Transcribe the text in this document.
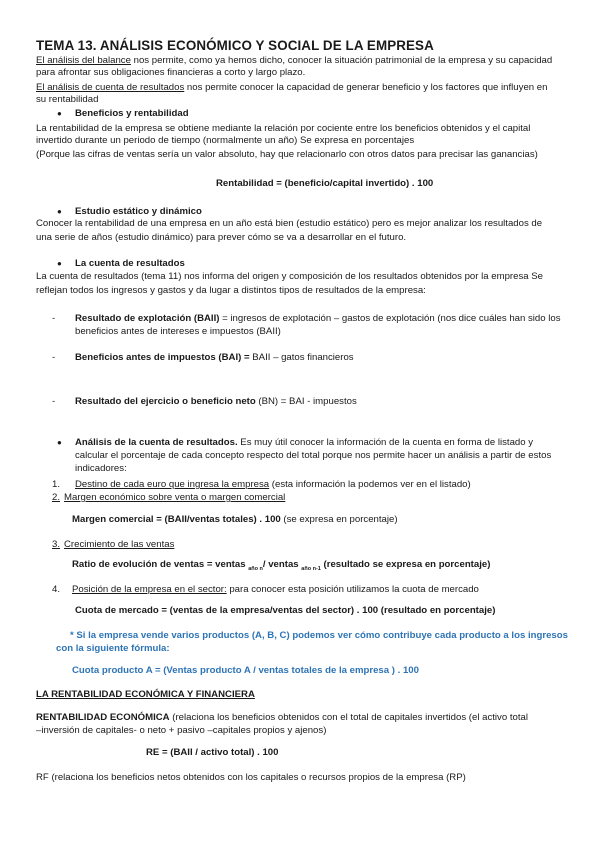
TEMA 13. ANÁLISIS ECONÓMICO Y SOCIAL DE LA EMPRESA
El análisis del balance nos permite, como ya hemos dicho, conocer la situación patrimonial de la empresa y su capacidad
para afrontar sus obligaciones financieras a corto y largo plazo.
El análisis de cuenta de resultados nos permite conocer la capacidad de generar beneficio y los factores que influyen en
su rentabilidad
● Beneficios y rentabilidad
La rentabilidad de la empresa se obtiene mediante la relación por cociente entre los beneficios obtenidos y el capital
invertido durante un periodo de tiempo (normalmente un año) Se expresa en porcentajes
(Porque las cifras de ventas sería un valor absoluto, hay que relacionarlo con otros datos para precisar las ganancias)
Rentabilidad = (beneficio/capital invertido) . 100
● Estudio estático y dinámico
Conocer la rentabilidad de una empresa en un año está bien (estudio estático) pero es mejor analizar los resultados de
una serie de años (estudio dinámico) para prever cómo se va a desarrollar en el futuro.
● La cuenta de resultados
La cuenta de resultados (tema 11) nos informa del origen y composición de los resultados obtenidos por la empresa Se
reflejan todos los ingresos y gastos y da lugar a distintos tipos de resultados de la empresa:
- Resultado de explotación (BAII) = ingresos de explotación – gastos de explotación (nos dice cuáles han sido los
beneficios antes de intereses e impuestos (BAII)
- Beneficios antes de impuestos (BAI) = BAII – gatos financieros
- Resultado del ejercicio o beneficio neto (BN) = BAI - impuestos
● Análisis de la cuenta de resultados. Es muy útil conocer la información de la cuenta en forma de listado y
calcular el porcentaje de cada concepto respecto del total porque nos permite hacer un análisis a partir de estos
indicadores:
1. Destino de cada euro que ingresa la empresa (esta información la podemos ver en el listado)
2. Margen económico sobre venta o margen comercial
Margen comercial = (BAII/ventas totales) . 100 (se expresa en porcentaje)
3. Crecimiento de las ventas
Ratio de evolución de ventas = ventas $_{año n}$/ ventas $_{año n-1}$ (resultado se expresa en porcentaje)
4. Posición de la empresa en el sector: para conocer esta posición utilizamos la cuota de mercado
Cuota de mercado = (ventas de la empresa/ventas del sector) . 100 (resultado en porcentaje)
* Si la empresa vende varios productos (A, B, C) podemos ver cómo contribuye cada producto a los ingresos
con la siguiente fórmula:
Cuota producto A = (Ventas producto A / ventas totales de la empresa ) . 100
LA RENTABILIDAD ECONÓMICA Y FINANCIERA
RENTABILIDAD ECONÓMICA (relaciona los beneficios obtenidos con el total de capitales invertidos (el activo total
–inversión de capitales- o neto + pasivo –capitales propios y ajenos)
RE = (BAII / activo total) . 100
RF (relaciona los beneficios netos obtenidos con los capitales o recursos propios de la empresa (RP)
